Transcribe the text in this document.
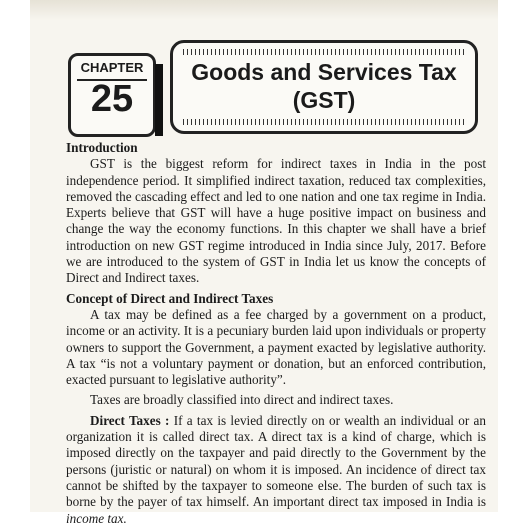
CHAPTER
25
Goods and Services Tax
(GST)

Introduction

GST is the biggest reform for indirect taxes in India in the post independence period. It simplified indirect taxation, reduced tax complexities, removed the cascading effect and led to one nation and one tax regime in India. Experts believe that GST will have a huge positive impact on business and change the way the economy functions. In this chapter we shall have a brief introduction on new GST regime introduced in India since July, 2017. Before we are introduced to the system of GST in India let us know the concepts of Direct and Indirect taxes.

Concept of Direct and Indirect Taxes

A tax may be defined as a fee charged by a government on a product, income or an activity. It is a pecuniary burden laid upon individuals or property owners to support the Government, a payment exacted by legislative authority. A tax “is not a voluntary payment or donation, but an enforced contribution, exacted pursuant to legislative authority”.

Taxes are broadly classified into direct and indirect taxes.

Direct Taxes : If a tax is levied directly on or wealth an individual or an organization it is called direct tax. A direct tax is a kind of charge, which is imposed directly on the taxpayer and paid directly to the Government by the persons (juristic or natural) on whom it is imposed. An incidence of direct tax cannot be shifted by the taxpayer to someone else. The burden of such tax is borne by the payer of tax himself. An important direct tax imposed in India is income tax.
